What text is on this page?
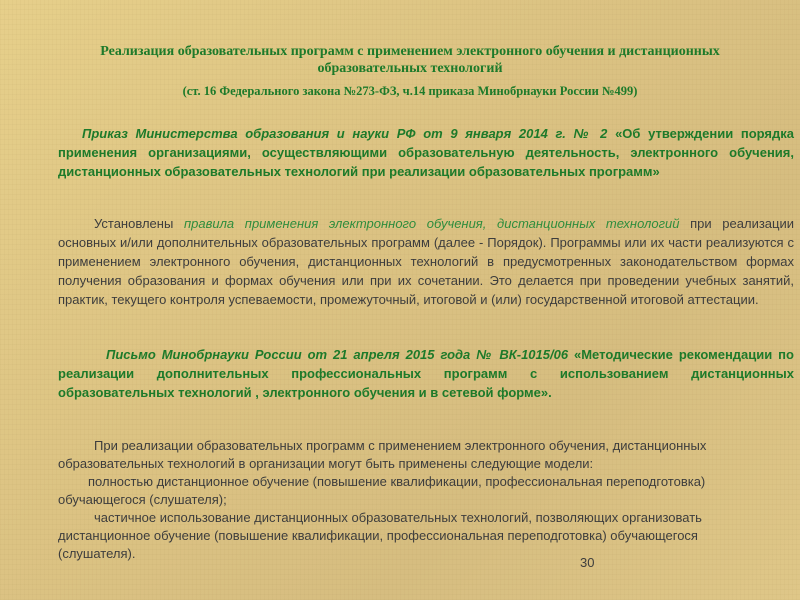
Реализация образовательных программ с применением электронного обучения и дистанционных образовательных технологий
(ст. 16 Федерального закона №273-ФЗ, ч.14 приказа Минобрнауки России №499)
Приказ Министерства образования и науки РФ от 9 января 2014 г. № 2 «Об утверждении порядка применения организациями, осуществляющими образовательную деятельность, электронного обучения, дистанционных образовательных технологий при реализации образовательных программ»
Установлены правила применения электронного обучения, дистанционных технологий при реализации основных и/или дополнительных образовательных программ (далее - Порядок). Программы или их части реализуются с применением электронного обучения, дистанционных технологий в предусмотренных законодательством формах получения образования и формах обучения или при их сочетании. Это делается при проведении учебных занятий, практик, текущего контроля успеваемости, промежуточный, итоговой и (или) государственной итоговой аттестации.
Письмо Минобрнауки России от 21 апреля 2015 года № ВК-1015/06 «Методические рекомендации по реализации дополнительных профессиональных программ с использованием дистанционных образовательных технологий , электронного обучения и в сетевой форме».
При реализации образовательных программ с применением электронного обучения, дистанционных образовательных технологий в организации могут быть применены следующие модели:
полностью дистанционное обучение (повышение квалификации, профессиональная переподготовка) обучающегося (слушателя);
частичное использование дистанционных образовательных технологий, позволяющих организовать дистанционное обучение (повышение квалификации, профессиональная переподготовка) обучающегося (слушателя).
30
